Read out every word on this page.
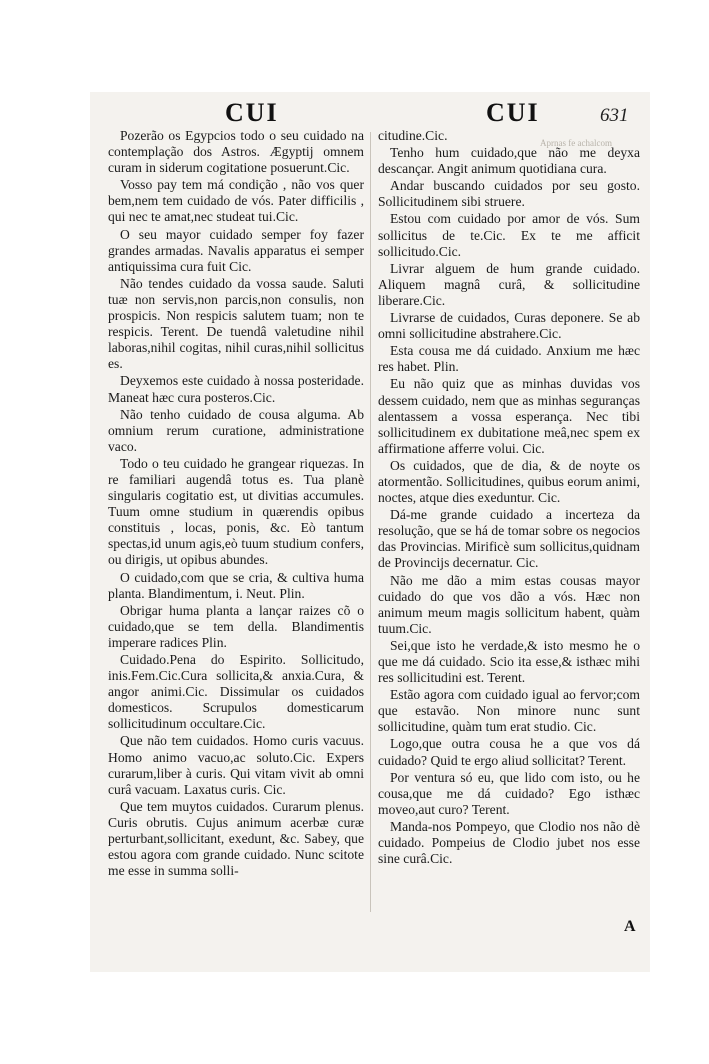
CUI	CUI	631
Aprnas fe achalcom

Pozerão os Egypcios todo o seu cuidado na contemplação dos Astros. Ægyptij omnem curam in siderum cogitatione posuerunt.Cic.

Vosso pay tem má condição , não vos quer bem,nem tem cuidado de vós. Pater difficilis , qui nec te amat,nec studeat tui.Cic.

O seu mayor cuidado semper foy fazer grandes armadas. Navalis apparatus ei semper antiquissima cura fuit Cic.

Não tendes cuidado da vossa saude. Saluti tuæ non servis,non parcis,non consulis, non prospicis. Non respicis salutem tuam; non te respicis. Terent. De tuendâ valetudine nihil laboras,nihil cogitas, nihil curas,nihil sollicitus es.

Deyxemos este cuidado à nossa posteridade. Maneat hæc cura posteros.Cic.

Não tenho cuidado de cousa alguma. Ab omnium rerum curatione, administratione vaco.

Todo o teu cuidado he grangear riquezas. In re familiari augendâ totus es. Tua planè singularis cogitatio est, ut divitias accumules. Tuum omne studium in quærendis opibus constituis , locas, ponis, &c. Eò tantum spectas,id unum agis,eò tuum studium confers, ou dirigis, ut opibus abundes.

O cuidado,com que se cria, & cultiva huma planta. Blandimentum, i. Neut. Plin.

Obrigar huma planta a lançar raizes cõ o cuidado,que se tem della. Blandimentis imperare radices Plin.

Cuidado.Pena do Espirito. Sollicitudo, inis.Fem.Cic.Cura sollicita,& anxia.Cura, & angor animi.Cic. Dissimular os cuidados domesticos. Scrupulos domesticarum sollicitudinum occultare.Cic.

Que não tem cuidados. Homo curis vacuus. Homo animo vacuo,ac soluto.Cic. Expers curarum,liber à curis. Qui vitam vivit ab omni curâ vacuam. Laxatus curis. Cic.

Que tem muytos cuidados. Curarum plenus. Curis obrutis. Cujus animum acerbæ curæ perturbant,sollicitant, exedunt, &c. Sabey, que estou agora com grande cuidado. Nunc scitote me esse in summa solli-

citudine.Cic.

Tenho hum cuidado,que não me deyxa descançar. Angit animum quotidiana cura.

Andar buscando cuidados por seu gosto. Sollicitudinem sibi struere.

Estou com cuidado por amor de vós. Sum sollicitus de te.Cic. Ex te me afficit sollicitudo.Cic.

Livrar alguem de hum grande cuidado. Aliquem magnâ curâ, & sollicitudine liberare.Cic.

Livrarse de cuidados, Curas deponere. Se ab omni sollicitudine abstrahere.Cic.

Esta cousa me dá cuidado. Anxium me hæc res habet. Plin.

Eu não quiz que as minhas duvidas vos dessem cuidado, nem que as minhas seguranças alentassem a vossa esperança. Nec tibi sollicitudinem ex dubitatione meâ,nec spem ex affirmatione afferre volui. Cic.

Os cuidados, que de dia, & de noyte os atormentão. Sollicitudines, quibus eorum animi, noctes, atque dies exeduntur. Cic.

Dá-me grande cuidado a incerteza da resolução, que se há de tomar sobre os negocios das Provincias. Mirificè sum sollicitus,quidnam de Provincijs decernatur. Cic.

Não me dão a mim estas cousas mayor cuidado do que vos dão a vós. Hæc non animum meum magis sollicitum habent, quàm tuum.Cic.

Sei,que isto he verdade,& isto mesmo he o que me dá cuidado. Scio ita esse,& isthæc mihi res sollicitudini est. Terent.

Estão agora com cuidado igual ao fervor;com que estavão. Non minore nunc sunt sollicitudine, quàm tum erat studio. Cic.

Logo,que outra cousa he a que vos dá cuidado? Quid te ergo aliud sollicitat? Terent.

Por ventura só eu, que lido com isto, ou he cousa,que me dá cuidado? Ego isthæc moveo,aut curo? Terent.

Manda-nos Pompeyo, que Clodio nos não dè cuidado. Pompeius de Clodio jubet nos esse sine curâ.Cic.

A
